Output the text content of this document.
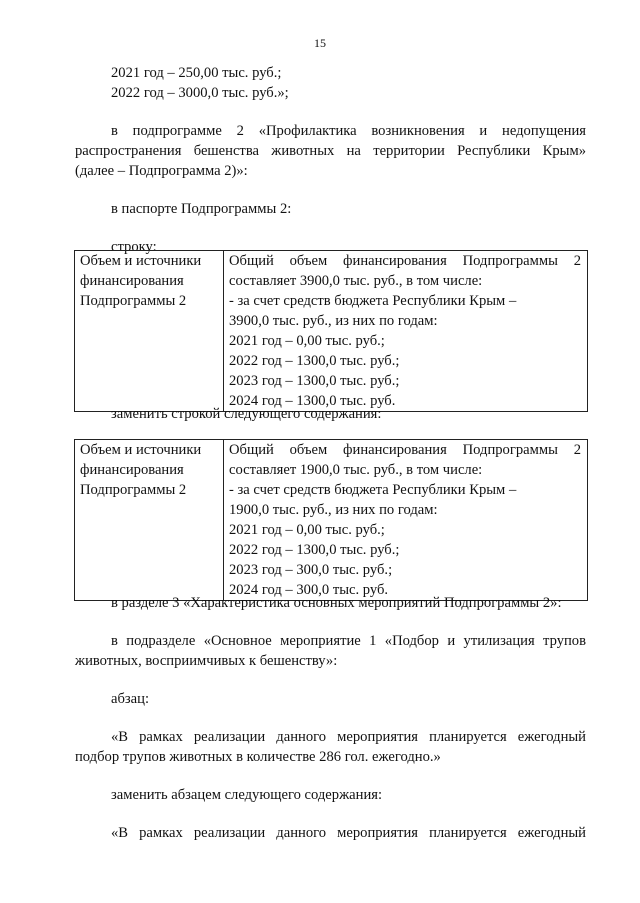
15

2021 год – 250,00 тыс. руб.;

2022 год – 3000,0 тыс. руб.»;

в подпрограмме 2 «Профилактика возникновения и недопущения

распространения бешенства животных на территории Республики Крым»

(далее – Подпрограмма 2)»:

в паспорте Подпрограммы 2:

строку:

Объем и источники
финансирования
Подпрограммы 2

Общий объем финансирования Подпрограммы 2
составляет 3900,0 тыс. руб., в том числе:
- за счет средств бюджета Республики Крым –
3900,0 тыс. руб., из них по годам:
2021 год – 0,00 тыс. руб.;
2022 год – 1300,0 тыс. руб.;
2023 год – 1300,0 тыс. руб.;
2024 год – 1300,0 тыс. руб.

заменить строкой следующего содержания:

Объем и источники
финансирования
Подпрограммы 2

Общий объем финансирования Подпрограммы 2
составляет 1900,0 тыс. руб., в том числе:
- за счет средств бюджета Республики Крым –
1900,0 тыс. руб., из них по годам:
2021 год – 0,00 тыс. руб.;
2022 год – 1300,0 тыс. руб.;
2023 год – 300,0 тыс. руб.;
2024 год – 300,0 тыс. руб.

в разделе 3 «Характеристика основных мероприятий Подпрограммы 2»:

в подразделе «Основное мероприятие 1 «Подбор и утилизация трупов

животных, восприимчивых к бешенству»:

абзац:

«В рамках реализации данного мероприятия планируется ежегодный

подбор трупов животных в количестве 286 гол. ежегодно.»

заменить абзацем следующего содержания:

«В рамках реализации данного мероприятия планируется ежегодный
